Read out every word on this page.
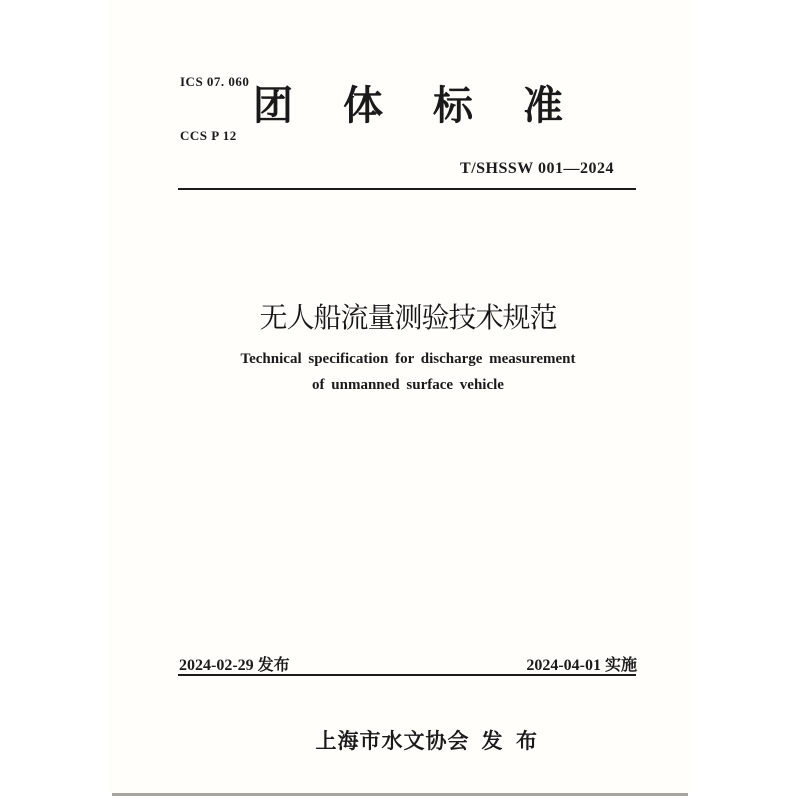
ICS 07. 060

CCS P 12

团 体 标 准
T/SHSSW 001—2024
无人船流量测验技术规范
Technical specification for discharge measurement
of unmanned surface vehicle
2024-02-29 发布	2024-04-01 实施

上海市水文协会 发  布
